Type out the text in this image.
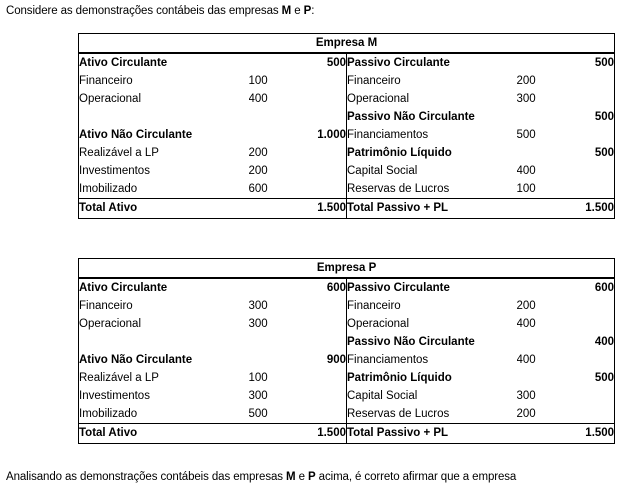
Considere as demonstrações contábeis das empresas M e P:

Empresa M					
Ativo Circulante		500	Passivo Circulante		500
Financeiro	100		Financeiro	200	
Operacional	400		Operacional	300	
			Passivo Não Circulante		500
Ativo Não Circulante		1.000	Financiamentos	500	
Realizável a LP	200		Patrimônio Líquido		500
Investimentos	200		Capital Social	400	
Imobilizado	600		Reservas de Lucros	100	
Total Ativo		1.500	Total Passivo + PL		1.500
Empresa P					
Ativo Circulante		600	Passivo Circulante		600
Financeiro	300		Financeiro	200	
Operacional	300		Operacional	400	
			Passivo Não Circulante		400
Ativo Não Circulante		900	Financiamentos	400	
Realizável a LP	100		Patrimônio Líquido		500
Investimentos	300		Capital Social	300	
Imobilizado	500		Reservas de Lucros	200	
Total Ativo		1.500	Total Passivo + PL		1.500

Analisando as demonstrações contábeis das empresas M e P acima, é correto afirmar que a empresa
